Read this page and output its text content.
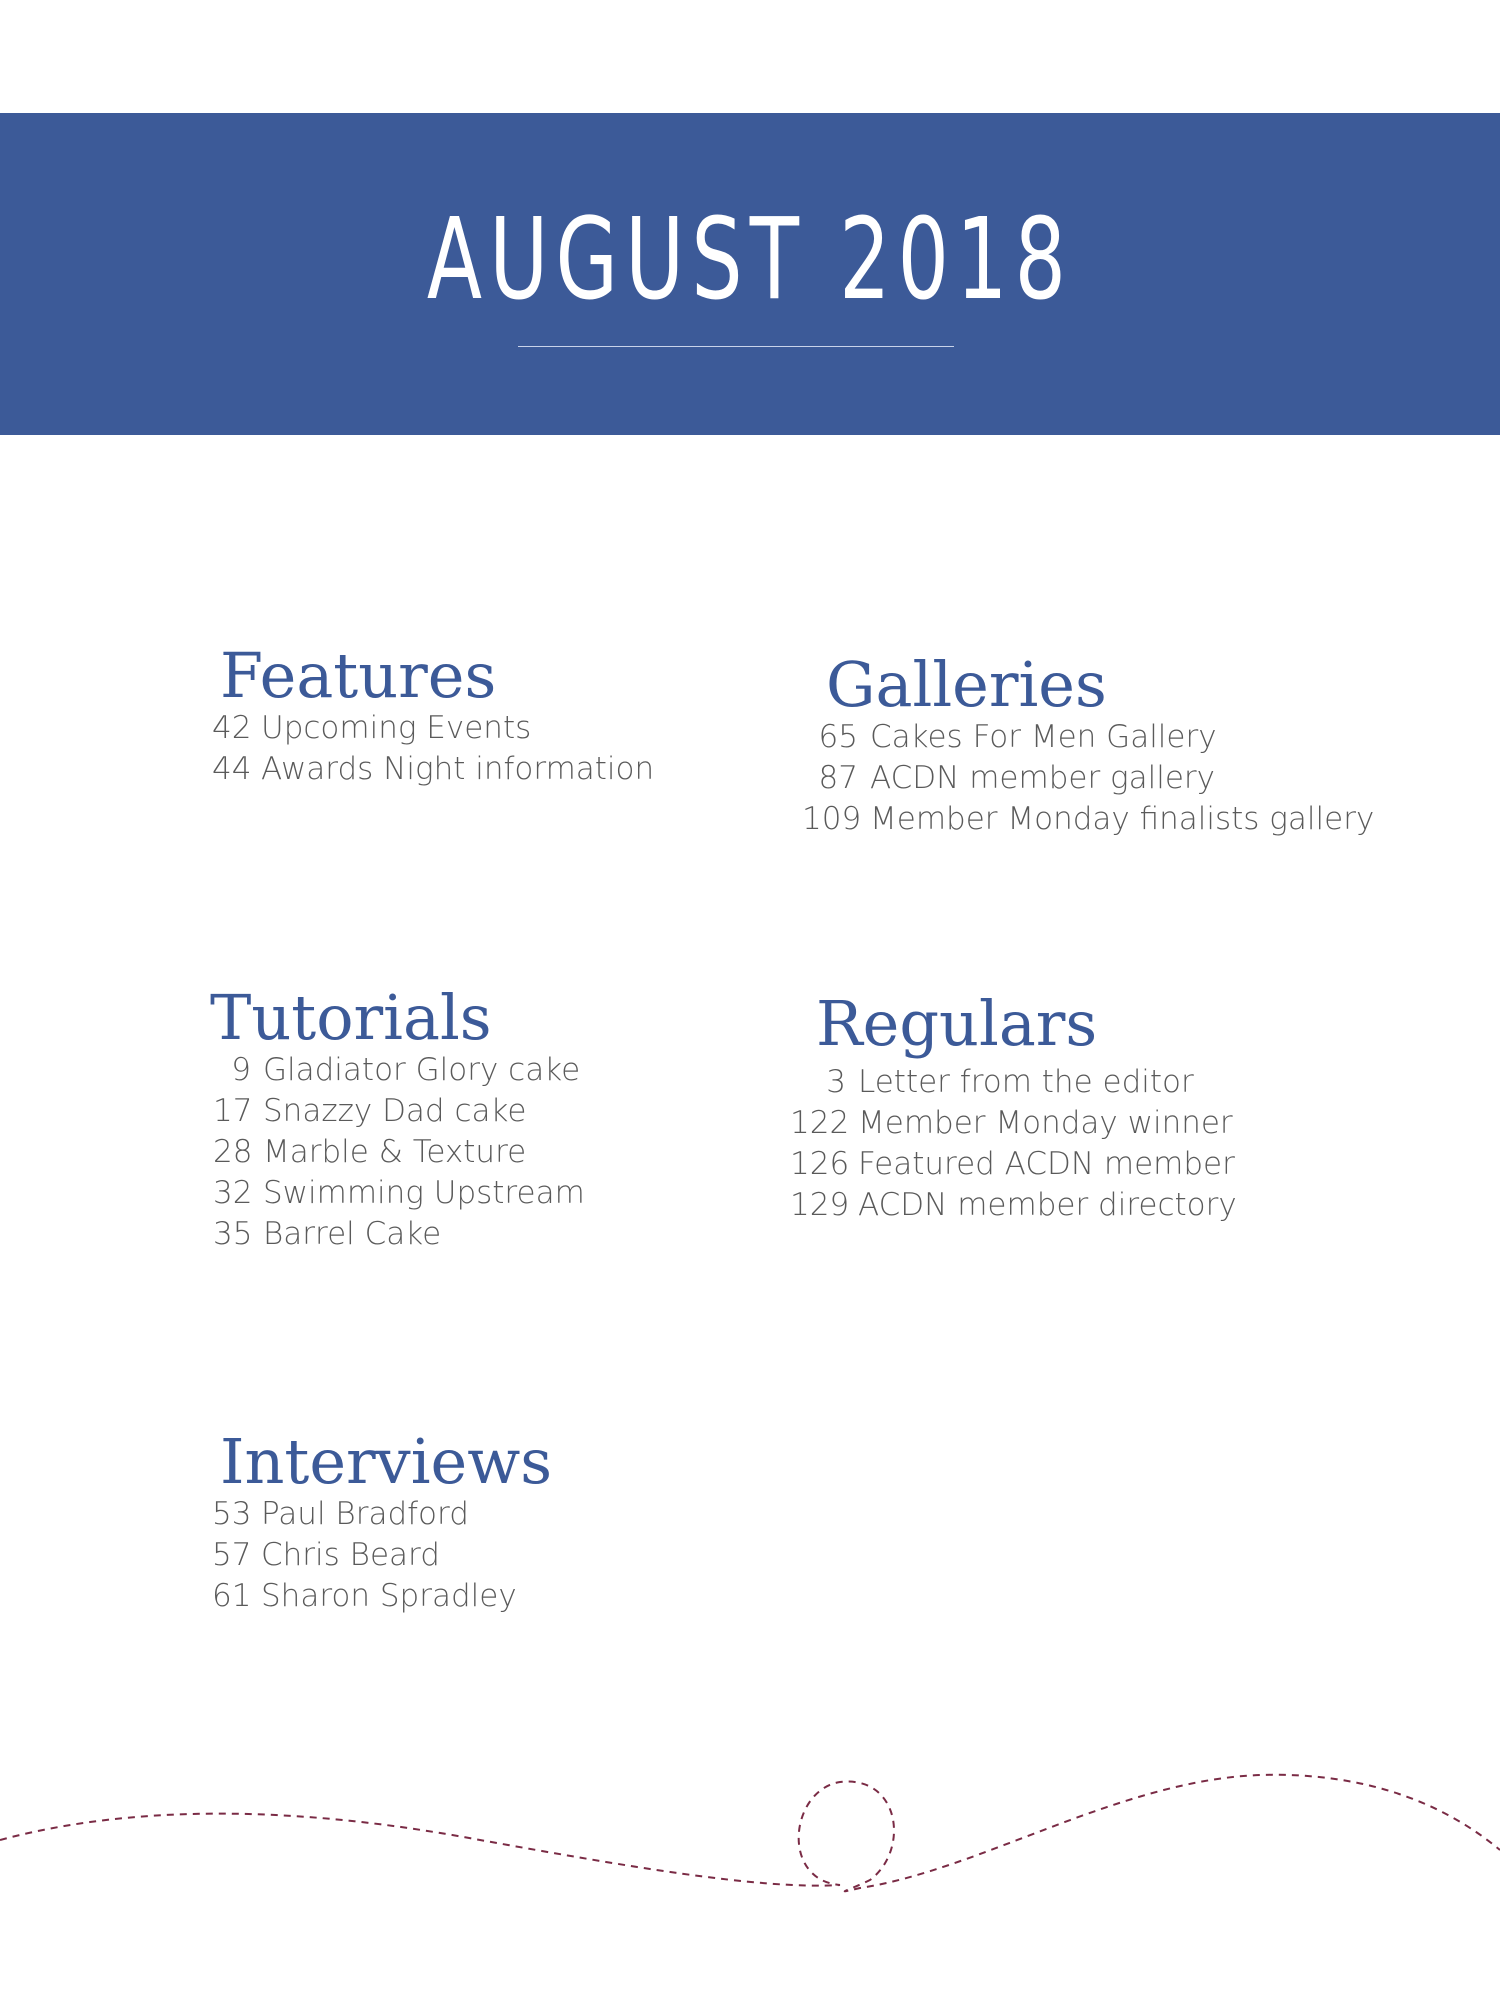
AUGUST 2018
Features
42 Upcoming Events
44 Awards Night information
Galleries
65 Cakes For Men Gallery
87 ACDN member gallery
109 Member Monday finalists gallery
Tutorials
9 Gladiator Glory cake
17 Snazzy Dad cake
28 Marble & Texture
32 Swimming Upstream
35 Barrel Cake
Regulars
3 Letter from the editor
122 Member Monday winner
126 Featured ACDN member
129 ACDN member directory
Interviews
53 Paul Bradford
57 Chris Beard
61 Sharon Spradley
